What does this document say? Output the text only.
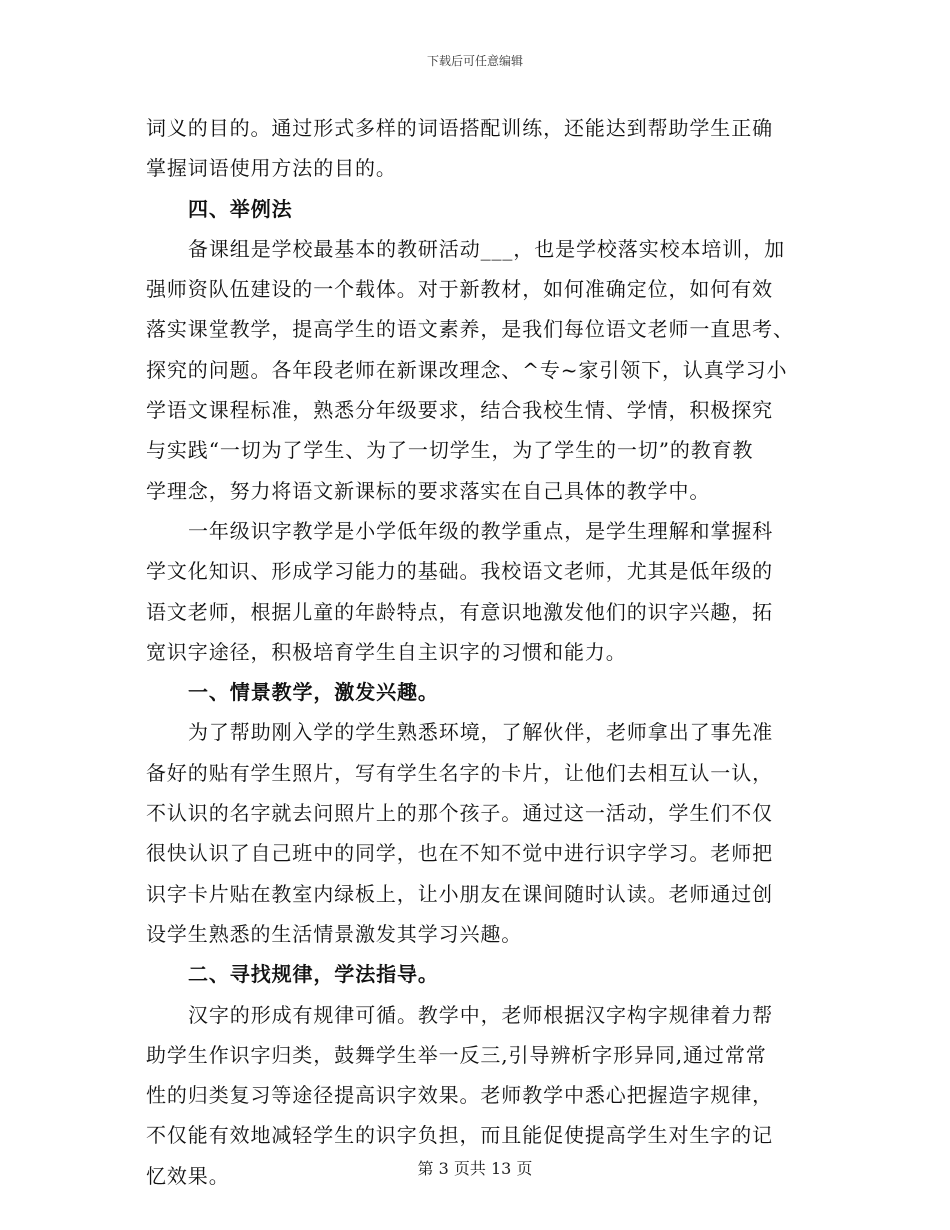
下载后可任意编辑
词义的目的。通过形式多样的词语搭配训练，还能达到帮助学生正确
掌握词语使用方法的目的。
四、举例法
备课组是学校最基本的教研活动___，也是学校落实校本培训，加
强师资队伍建设的一个载体。对于新教材，如何准确定位，如何有效
落实课堂教学，提高学生的语文素养，是我们每位语文老师一直思考、
探究的问题。各年段老师在新课改理念、^专~家引领下，认真学习小
学语文课程标准，熟悉分年级要求，结合我校生情、学情，积极探究
与实践“一切为了学生、为了一切学生，为了学生的一切”的教育教
学理念，努力将语文新课标的要求落实在自己具体的教学中。
一年级识字教学是小学低年级的教学重点，是学生理解和掌握科
学文化知识、形成学习能力的基础。我校语文老师，尤其是低年级的
语文老师，根据儿童的年龄特点，有意识地激发他们的识字兴趣，拓
宽识字途径，积极培育学生自主识字的习惯和能力。
一、情景教学，激发兴趣。
为了帮助刚入学的学生熟悉环境，了解伙伴，老师拿出了事先准
备好的贴有学生照片，写有学生名字的卡片，让他们去相互认一认，
不认识的名字就去问照片上的那个孩子。通过这一活动，学生们不仅
很快认识了自己班中的同学，也在不知不觉中进行识字学习。老师把
识字卡片贴在教室内绿板上，让小朋友在课间随时认读。老师通过创
设学生熟悉的生活情景激发其学习兴趣。
二、寻找规律，学法指导。
汉字的形成有规律可循。教学中，老师根据汉字构字规律着力帮
助学生作识字归类，鼓舞学生举一反三,引导辨析字形异同,通过常常
性的归类复习等途径提高识字效果。老师教学中悉心把握造字规律，
不仅能有效地减轻学生的识字负担，而且能促使提高学生对生字的记
忆效果。	第 3 页共 13 页
